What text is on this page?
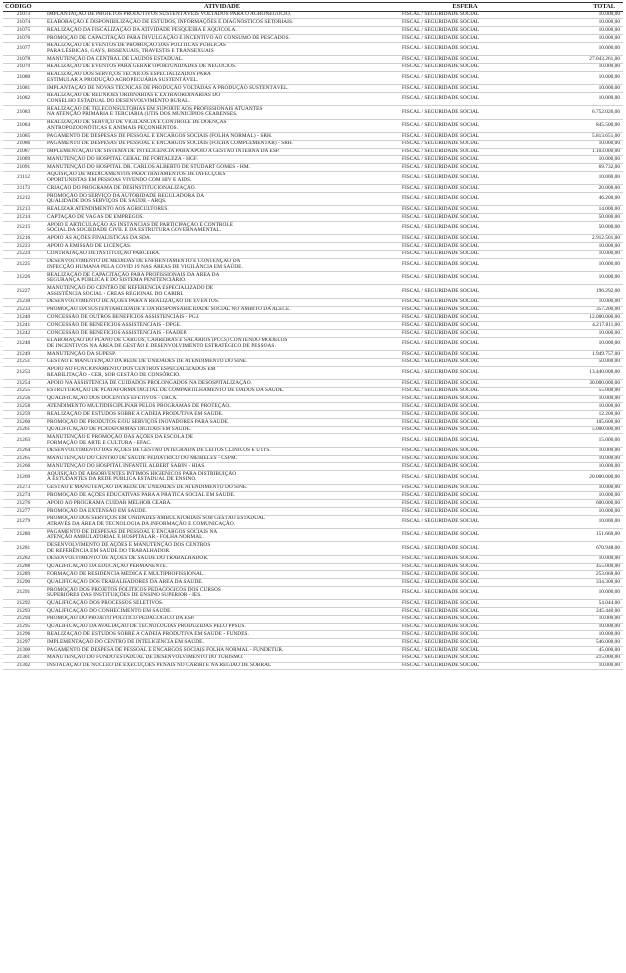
CÓDIGO	ATIVIDADE	ESFERA	TOTAL
21073	IMPLANTAÇÃO DE PROJETOS PRODUTIVOS SUSTENTÁVEIS VOLTADOS PARA O AGRONEGÓCIO.	FISCAL / SEGURIDADE SOCIAL	10.000,00
21074	ELABORAÇÃO E DISPONIBILIZAÇÃO DE ESTUDOS, INFORMAÇÕES E DIAGNÓSTICOS SETORIAIS.	FISCAL / SEGURIDADE SOCIAL	10.000,00
21075	REALIZAÇÃO DA FISCALIZAÇÃO DA ATIVIDADE PESQUEIRA E AQUÍCOLA.	FISCAL / SEGURIDADE SOCIAL	10.000,00
21076	PROMOÇÃO DE CAPACITAÇÃO PARA DIVULGAÇÃO E INCENTIVO AO CONSUMO DE PESCADOS.	FISCAL / SEGURIDADE SOCIAL	10.000,00
21077	REALIZAÇÃO DE EVENTOS DE PROMOÇÃO DAS POLÍTICAS PÚBLICAS
PARA LÉSBICAS, GAYS, BISSEXUAIS, TRAVESTIS E TRANSEXUAIS	FISCAL / SEGURIDADE SOCIAL	10.000,00
21078	MANUTENÇÃO DA CENTRAL DE LAUDOS ESTADUAL.	FISCAL / SEGURIDADE SOCIAL	27.043.261,00
21079	REALIZAÇÃO DE EVENTOS PARA GERAR OPORTUNIDADES DE NEGÓCIOS.	FISCAL / SEGURIDADE SOCIAL	10.000,00
21080	REALIZAÇÃO DOS SERVIÇOS TÉCNICOS ESPECIALIZADOS PARA
ESTIMULAR A PRODUÇÃO AGROPECUÁRIA SUSTENTÁVEL.	FISCAL / SEGURIDADE SOCIAL	10.000,00
21081	IMPLANTAÇÃO DE NOVAS TÉCNICAS DE PRODUÇÃO VOLTADAS À PRODUÇÃO SUSTENTÁVEL.	FISCAL / SEGURIDADE SOCIAL	10.000,00
21082	REALIZAÇÃO DE REUNIÕES ORDINÁRIAS E EXTRAORDINÁRIAS DO
CONSELHO ESTADUAL DO DESENVOLVIMENTO RURAL.	FISCAL / SEGURIDADE SOCIAL	10.000,00
21083	REALIZAÇÃO DE TELECONSULTORIAS EM SUPORTE AOS PROFISSIONAIS ATUANTES
NA ATENÇÃO PRIMÁRIA E TERCIÁRIA (UTIS DOS MUNICÍPIOS CEARENSES.	FISCAL / SEGURIDADE SOCIAL	6.752.026,00
21084	REALIZAÇÃO DE SERVIÇO DE VIGILÂNCIA E CONTROLE DE DOENÇAS
ANTROPOZOONÓTICAS E ANIMAIS PEÇONHENTOS.	FISCAL / SEGURIDADE SOCIAL	845.500,00
21085	PAGAMENTO DE DESPESAS DE PESSOAL E ENCARGOS SOCIAIS (FOLHA NORMAL) - SRH.	FISCAL / SEGURIDADE SOCIAL	5.813.651,00
21086	PAGAMENTO DE DESPESAS DE PESSOAL E ENCARGOS SOCIAIS (FOLHA COMPLEMENTAR) - SRH.	FISCAL / SEGURIDADE SOCIAL	10.000,00
21087	IMPLEMENTAÇÃO DE SISTEMA DE INTELIGÊNCIA PARA APOIO A GESTÃO INTERNA DA ESP.	FISCAL / SEGURIDADE SOCIAL	1.103.000,00
21089	MANUTENÇÃO DO HOSPITAL GERAL DE FORTALEZA - HGF.	FISCAL / SEGURIDADE SOCIAL	10.000,00
21091	MANUTENÇÃO DO HOSPITAL DR. CARLOS ALBERTO DE STUDART GOMES - HM.	FISCAL / SEGURIDADE SOCIAL	69.732,00
21112	AQUISIÇÃO DE MEDICAMENTOS PARA TRATAMENTOS DE INFECÇÕES
OPORTUNISTAS EM PESSOAS VIVENDO COM HIV E AIDS.	FISCAL / SEGURIDADE SOCIAL	10.000,00
21173	CRIAÇÃO DO PROGRAMA DE DESINSTITUCIONALIZAÇÃO.	FISCAL / SEGURIDADE SOCIAL	20.000,00
21212	PROMOÇÃO DO SERVIÇO DA AUTORIDADE REGULADORA DA
QUALIDADE DOS SERVIÇOS DE SAÚDE - ARQS.	FISCAL / SEGURIDADE SOCIAL	46.200,00
21213	REALIZAR ATENDIMENTO AOS AGRICULTORES.	FISCAL / SEGURIDADE SOCIAL	14.000,00
21214	CAPTAÇÃO DE VAGAS DE EMPREGOS.	FISCAL / SEGURIDADE SOCIAL	50.000,00
21215	APOIO E ARTICULAÇÃO ÀS INSTÂNCIAS DE PARTICIPAÇÃO E CONTROLE
SOCIAL DA SOCIEDADE CIVIL E DA ESTRUTURA GOVERNAMENTAL.	FISCAL / SEGURIDADE SOCIAL	50.000,00
21216	APOIO ÀS AÇÕES FINALÍSTICAS DA SDA.	FISCAL / SEGURIDADE SOCIAL	2.912.501,00
21223	APOIO A EMISSÃO DE LICENÇAS.	FISCAL / SEGURIDADE SOCIAL	10.000,00
21224	CONTRATAÇÃO DE INSTITUIÇÃO PARCEIRA.	FISCAL / SEGURIDADE SOCIAL	10.000,00
21225	DESENVOLVIMENTO DE MEDIDAS DE ENFRENTAMENTO E CONTENÇÃO DA
INFECÇÃO HUMANA PELA COVID 19 NAS ÁREAS DE VIGILÂNCIA EM SAÚDE.	FISCAL / SEGURIDADE SOCIAL	10.000,00
21226	REALIZAÇÃO DE CAPACITAÇÃO PARA PROFISSIONAIS DA ÁREA DA
SEGURANÇA PÚBLICA E DO SISTEMA PENITENCIÁRIO.	FISCAL / SEGURIDADE SOCIAL	10.000,00
21227	MANUTENÇÃO DO CENTRO DE REFERÊNCIA ESPECIALIZADO DE
ASSISTÊNCIA SOCIAL - CREAS REGIONAL DO CARIRI.	FISCAL / SEGURIDADE SOCIAL	196.292,00
21230	DESENVOLVIMENTO DE AÇÕES PARA A REALIZAÇÃO DE EVENTOS.	FISCAL / SEGURIDADE SOCIAL	10.000,00
21233	PROMOÇÃO DA SUSTENTABILIDADE E DA RESPONSABILIDADE SOCIAL NO ÂMBITO DA ALECE.	FISCAL / SEGURIDADE SOCIAL	357.200,00
21240	CONCESSÃO DE OUTROS BENEFÍCIOS ASSISTENCIAIS - PGJ.	FISCAL / SEGURIDADE SOCIAL	12.000.000,00
21241	CONCESSÃO DE BENEFÍCIOS ASSISTENCIAIS - DPGE.	FISCAL / SEGURIDADE SOCIAL	4.217.811,00
21242	CONCESSÃO DE BENEFÍCIOS ASSISTENCIAIS - FAADEP.	FISCAL / SEGURIDADE SOCIAL	10.000,00
21248	ELABORAÇÃO DO PLANO DE CARGOS, CARREIRAS E SALÁRIOS (PCCS) CONTENDO MODELOS
DE INCENTIVOS NA ÁREA DE GESTÃO E DESENVOLVIMENTO ESTRATÉGICO DE PESSOAS.	FISCAL / SEGURIDADE SOCIAL	10.000,00
21249	MANUTENÇÃO DA SUPESP.	FISCAL / SEGURIDADE SOCIAL	1.949.757,00
21251	GESTÃO E MANUTENÇÃO DA REDE DE UNIDADES DE ATENDIMENTO DO SINE.	FISCAL / SEGURIDADE SOCIAL	50.000,00
21253	APOIO AO FUNCIONAMENTO DOS CENTROS ESPECIALIZADOS EM
REABILITAÇÃO - CER, SOB GESTÃO DE CONSÓRCIO.	FISCAL / SEGURIDADE SOCIAL	13.440.000,00
21254	APOIO NA ASSISTÊNCIA DE CUIDADOS PROLONGADOS NA DESOSPITALIZAÇÃO.	FISCAL / SEGURIDADE SOCIAL	30.000.000,00
21255	ESTRUTURAÇÃO DE PLATAFORMA DIGITAL DE COMPARTILHAMENTO DE DADOS DA SAÚDE.	FISCAL / SEGURIDADE SOCIAL	55.000,00
21256	QUALIFICAÇÃO DOS DOCENTES EFETIVOS - URCA.	FISCAL / SEGURIDADE SOCIAL	10.000,00
21258	ATENDIMENTO MULTIDISCIPLINAR PELOS PROGRAMAS DE PROTEÇÃO.	FISCAL / SEGURIDADE SOCIAL	10.000,00
21259	REALIZAÇÃO DE ESTUDOS SOBRE A CADEIA PRODUTIVA EM SAÚDE.	FISCAL / SEGURIDADE SOCIAL	12.200,00
21260	PROMOÇÃO DE PRODUTOS E/OU SERVIÇOS INOVADORES PARA SAÚDE.	FISCAL / SEGURIDADE SOCIAL	105.600,00
21261	QUALIFICAÇÃO DE PLATAFORMAS DIGITAIS EM SAÚDE.	FISCAL / SEGURIDADE SOCIAL	5.000.000,00
21263	MANUTENÇÃO E PROMOÇÃO DAS AÇÕES DA ESCOLA DE
FORMAÇÃO DE ARTE E CULTURA - EFAC.	FISCAL / SEGURIDADE SOCIAL	15.000,00
21264	DESENVOLVIMENTO DAS AÇÕES DE GESTÃO INTEGRADA DE LEITOS CLÍNICOS E UTI'S.	FISCAL / SEGURIDADE SOCIAL	10.000,00
21265	MANUTENÇÃO DO CENTRO DE SAÚDE PEDIÁTRICO DO MEIRELES - CSPM.	FISCAL / SEGURIDADE SOCIAL	10.000,00
21266	MANUTENÇÃO DO HOSPITAL INFANTIL ALBERT SABIN - HIAS.	FISCAL / SEGURIDADE SOCIAL	10.000,00
21269	AQUISIÇÃO DE ABSORVENTES ÍNTIMOS HIGIÊNICOS PARA DISTRIBUIÇÃO
À ESTUDANTES DA REDE PÚBLICA ESTADUAL DE ENSINO.	FISCAL / SEGURIDADE SOCIAL	20.000.000,00
21273	GESTÃO E MANUTENÇÃO DA REDE DE UNIDADES DE ATENDIMENTO DO SINE.	FISCAL / SEGURIDADE SOCIAL	10.000,00
21274	PROMOÇÃO DE AÇÕES EDUCATIVAS PARA A PRÁTICA SOCIAL EM SAÚDE.	FISCAL / SEGURIDADE SOCIAL	10.000,00
21276	APOIO AO PROGRAMA CUIDAR MELHOR CEARÁ.	FISCAL / SEGURIDADE SOCIAL	600.000,00
21277	PROMOÇÃO DA EXTENSÃO EM SAÚDE.	FISCAL / SEGURIDADE SOCIAL	10.000,00
21279	PROMOÇÃO DOS SERVIÇOS EM UNIDADES AMBULATORIAIS SOB GESTÃO ESTADUAL
ATRAVÉS DA ÁREA DE TECNOLOGIA DA INFORMAÇÃO E COMUNICAÇÃO.	FISCAL / SEGURIDADE SOCIAL	10.000,00
21280	PAGAMENTO DE DESPESAS DE PESSOAL E ENCARGOS SOCIAIS NA
ATENÇÃO AMBULATORIAL E HOSPITALAR - FOLHA NORMAL.	FISCAL / SEGURIDADE SOCIAL	151.660,00
21281	DESENVOLVIMENTO DE AÇÕES E MANUTENÇÃO DOS CENTROS
DE REFERÊNCIA EM SAÚDE DO TRABALHADOR.	FISCAL / SEGURIDADE SOCIAL	670.948,00
21282	DESENVOLVIMENTO DE AÇÕES DE SAÚDE DO TRABALHADOR.	FISCAL / SEGURIDADE SOCIAL	10.000,00
21288	QUALIFICAÇÃO DA EDUCAÇÃO PERMANENTE.	FISCAL / SEGURIDADE SOCIAL	455.000,00
21289	FORMAÇÃO DE RESIDÊNCIA MÉDICA E MULTIPROFISSIONAL.	FISCAL / SEGURIDADE SOCIAL	253.068,00
21290	QUALIFICAÇÃO DOS TRABALHADORES DA ÁREA DA SAÚDE.	FISCAL / SEGURIDADE SOCIAL	334.300,00
21291	PROMOÇÃO DOS PROJETOS POLÍTICOS PEDAGÓGICOS DOS CURSOS
SUPERIORES DAS INSTITUIÇÕES DE ENSINO SUPERIOR - IES.	FISCAL / SEGURIDADE SOCIAL	10.000,00
21292	QUALIFICAÇÃO DOS PROCESSOS SELETIVOS.	FISCAL / SEGURIDADE SOCIAL	54.044,00
21293	QUALIFICAÇÃO DO CONHECIMENTO EM SAÚDE.	FISCAL / SEGURIDADE SOCIAL	245.440,00
21294	PROMOÇÃO DO PROJETO POLÍTICO PEDAGÓGICO DA ESP.	FISCAL / SEGURIDADE SOCIAL	10.000,00
21295	QUALIFICAÇÃO DA AVALIAÇÃO DE TECNOLOGIAS PRODUZIDAS PELO PPSUS.	FISCAL / SEGURIDADE SOCIAL	10.000,00
21296	REALIZAÇÃO DE ESTUDOS SOBRE A CADEIA PRODUTIVA EM SAÚDE - FUNDES.	FISCAL / SEGURIDADE SOCIAL	10.000,00
21297	IMPLEMENTAÇÃO DO CENTRO DE INTELIGÊNCIA EM SAÚDE.	FISCAL / SEGURIDADE SOCIAL	546.000,00
21300	PAGAMENTO DE DESPESA DE PESSOAL E ENCARGOS SOCIAIS FOLHA NORMAL - FUNDETUR.	FISCAL / SEGURIDADE SOCIAL	45.000,00
21301	MANUTENÇÃO DO FUNDO ESTADUAL DE DESENVOLVIMENTO DO TURISMO.	FISCAL / SEGURIDADE SOCIAL	215.000,00
21302	INSTALAÇÃO DE NÚCLEO DE EXECUÇÕES PENAIS NO CARIRI E NA REGIÃO DE SOBRAL	FISCAL / SEGURIDADE SOCIAL	10.000,00
